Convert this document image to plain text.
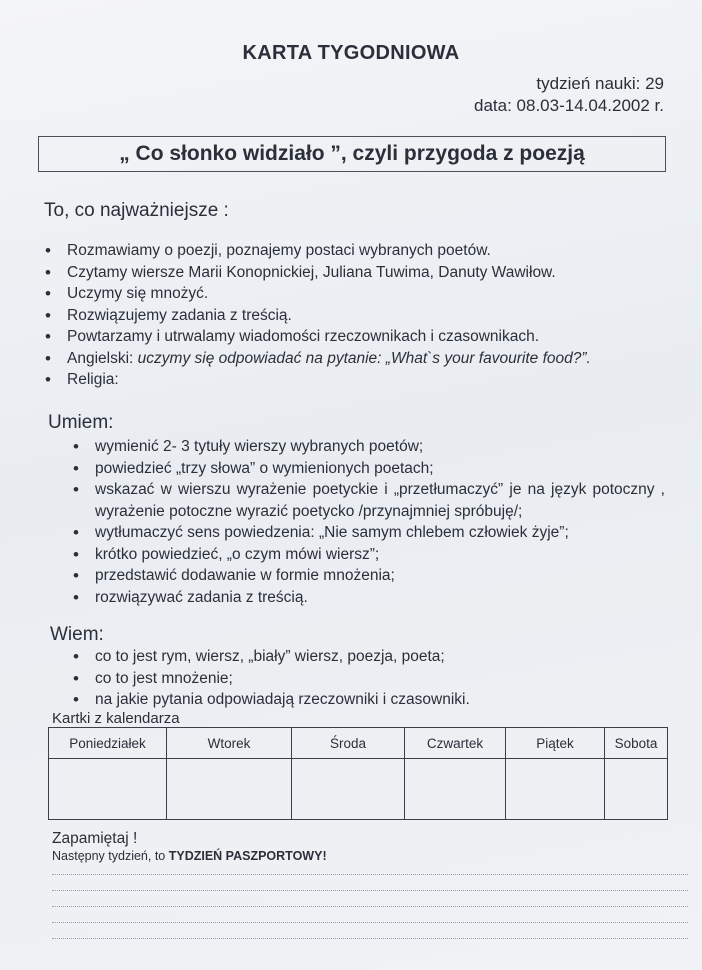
KARTA TYGODNIOWA
tydzień nauki: 29
data: 08.03-14.04.2002 r.
„ Co słonko widziało ”, czyli przygoda z poezją
To, co najważniejsze :
• Rozmawiamy o poezji, poznajemy postaci wybranych poetów.
• Czytamy wiersze Marii Konopnickiej, Juliana Tuwima, Danuty Wawiłow.
• Uczymy się mnożyć.
• Rozwiązujemy zadania z treścią.
• Powtarzamy i utrwalamy wiadomości rzeczownikach i czasownikach.
• Angielski: uczymy się odpowiadać na pytanie: „What`s your favourite food?”.
• Religia:
Umiem:
• wymienić 2- 3 tytuły wierszy wybranych poetów;
• powiedzieć „trzy słowa” o wymienionych poetach;
• wskazać w wierszu wyrażenie poetyckie i „przetłumaczyć” je na język potoczny , wyrażenie potoczne wyrazić poetycko /przynajmniej spróbuję/;
• wytłumaczyć sens powiedzenia: „Nie samym chlebem człowiek żyje”;
• krótko powiedzieć, „o czym mówi wiersz”;
• przedstawić dodawanie w formie mnożenia;
• rozwiązywać zadania z treścią.
Wiem:
• co to jest rym, wiersz, „biały” wiersz, poezja, poeta;
• co to jest mnożenie;
• na jakie pytania odpowiadają rzeczowniki i czasowniki.
Kartki z kalendarza
Poniedziałek	Wtorek	Środa	Czwartek	Piątek	Sobota

Zapamiętaj !
Następny tydzień, to TYDZIEŃ PASZPORTOWY!
